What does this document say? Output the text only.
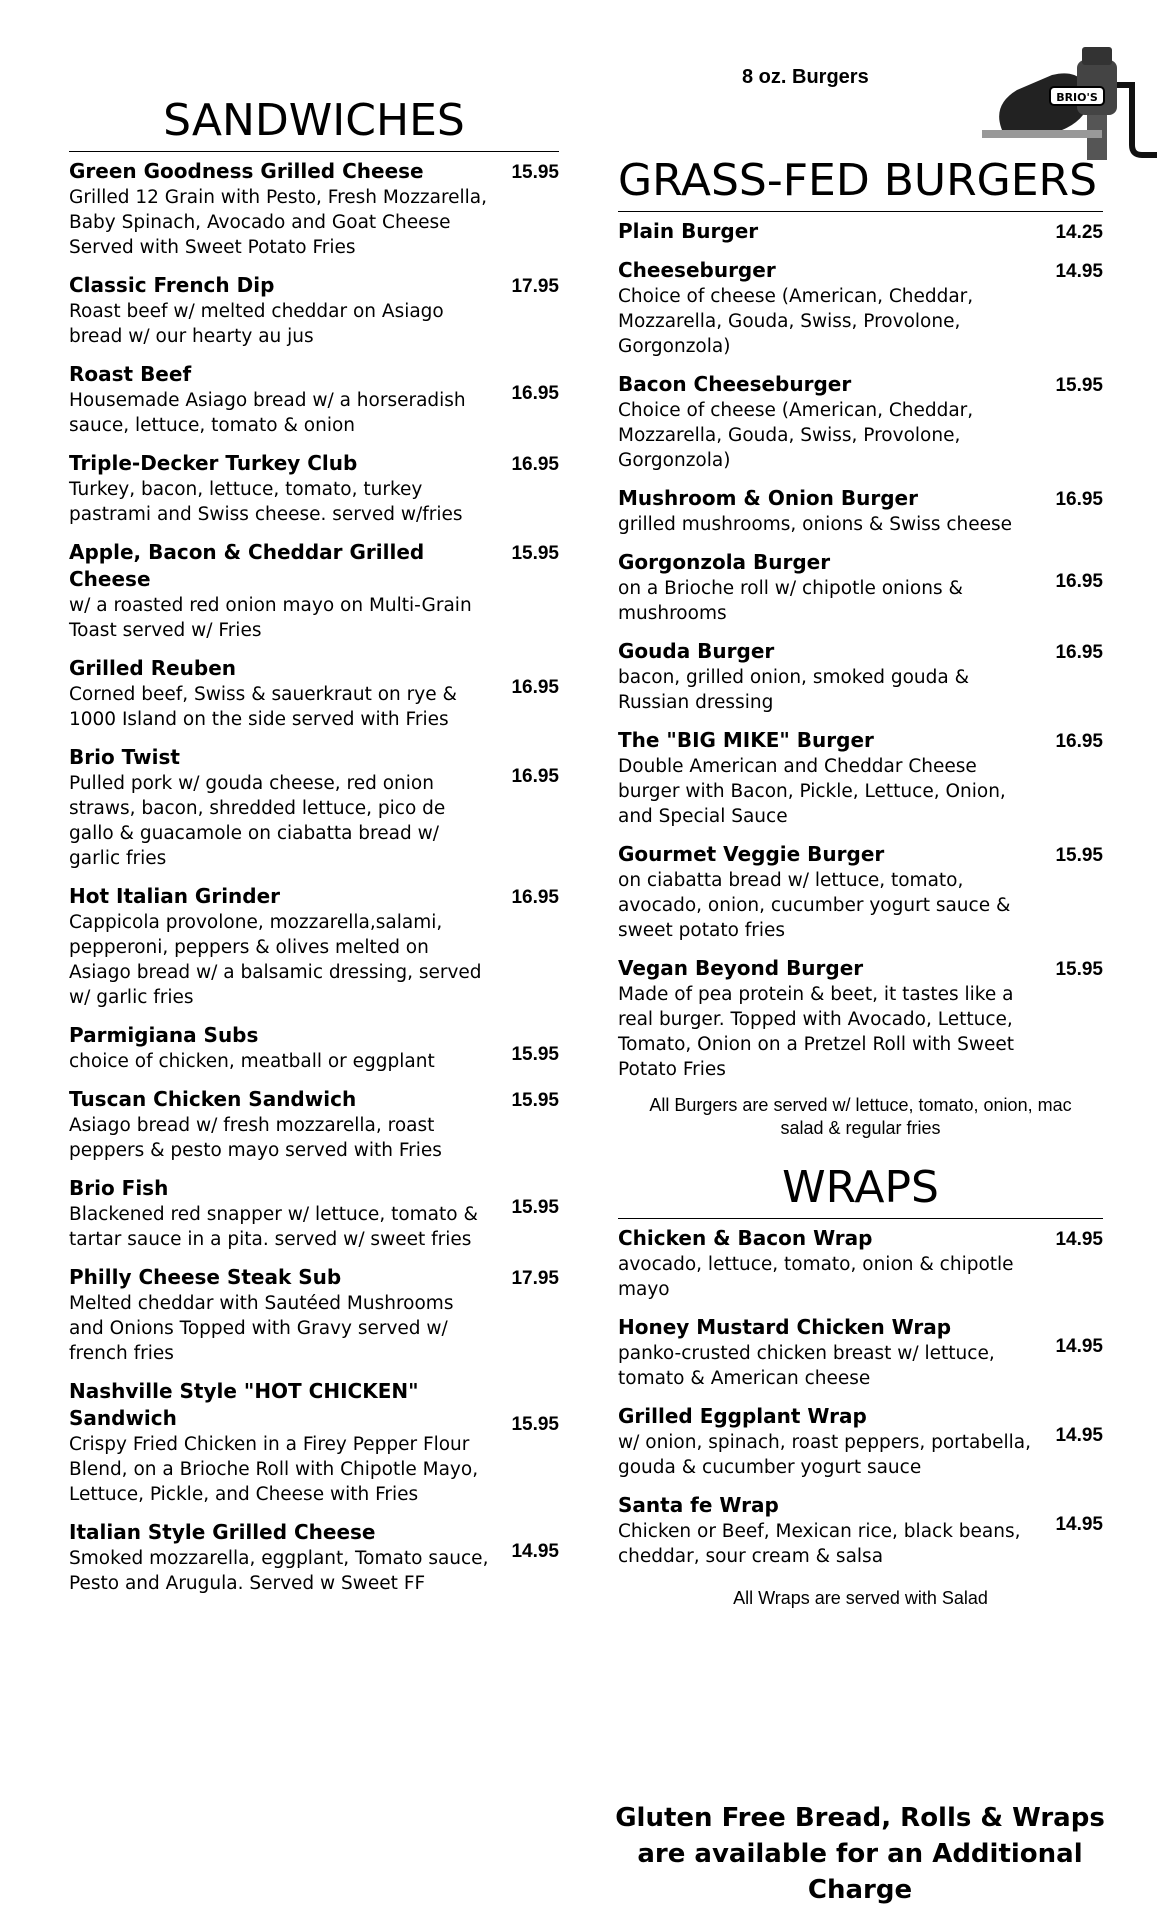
BRIO'S
8 oz. Burgers
SANDWICHES
Green Goodness Grilled Cheese
Grilled 12 Grain with Pesto, Fresh Mozzarella, Baby Spinach, Avocado and Goat Cheese Served with Sweet Potato Fries
15.95
Classic French Dip
Roast beef w/ melted cheddar on Asiago bread w/ our hearty au jus
17.95
Roast Beef
Housemade Asiago bread w/ a horseradish sauce, lettuce, tomato & onion
16.95
Triple-Decker Turkey Club
Turkey, bacon, lettuce, tomato, turkey pastrami and Swiss cheese. served w/fries
16.95
Apple, Bacon & Cheddar Grilled Cheese
w/ a roasted red onion mayo on Multi-Grain Toast served w/ Fries
15.95
Grilled Reuben
Corned beef, Swiss & sauerkraut on rye & 1000 Island on the side served with Fries
16.95
Brio Twist
Pulled pork w/ gouda cheese, red onion straws, bacon, shredded lettuce, pico de gallo & guacamole on ciabatta bread w/ garlic fries
16.95
Hot Italian Grinder
Cappicola provolone, mozzarella,salami, pepperoni, peppers & olives melted on Asiago bread w/ a balsamic dressing, served w/ garlic fries
16.95
Parmigiana Subs
choice of chicken, meatball or eggplant	15.95
Tuscan Chicken Sandwich
Asiago bread w/ fresh mozzarella, roast peppers & pesto mayo served with Fries
15.95
Brio Fish
Blackened red snapper w/ lettuce, tomato & tartar sauce in a pita. served w/ sweet fries
15.95
Philly Cheese Steak Sub
Melted cheddar with Sautéed Mushrooms and Onions Topped with Gravy served w/ french fries
17.95
Nashville Style "HOT CHICKEN" Sandwich
Crispy Fried Chicken in a Firey Pepper Flour Blend, on a Brioche Roll with Chipotle Mayo, Lettuce, Pickle, and Cheese with Fries
15.95
Italian Style Grilled Cheese
Smoked mozzarella, eggplant, Tomato sauce, Pesto and Arugula. Served w Sweet FF
14.95
GRASS-FED BURGERS
Plain Burger	14.25
Cheeseburger
Choice of cheese (American, Cheddar, Mozzarella, Gouda, Swiss, Provolone, Gorgonzola)
14.95
Bacon Cheeseburger
Choice of cheese (American, Cheddar, Mozzarella, Gouda, Swiss, Provolone, Gorgonzola)
15.95
Mushroom & Onion Burger
grilled mushrooms, onions & Swiss cheese
16.95
Gorgonzola Burger
on a Brioche roll w/ chipotle onions & mushrooms
16.95
Gouda Burger
bacon, grilled onion, smoked gouda & Russian dressing
16.95
The "BIG MIKE" Burger
Double American and Cheddar Cheese burger with Bacon, Pickle, Lettuce, Onion, and Special Sauce
16.95
Gourmet Veggie Burger
on ciabatta bread w/ lettuce, tomato, avocado, onion, cucumber yogurt sauce & sweet potato fries
15.95
Vegan Beyond Burger
Made of pea protein & beet, it tastes like a real burger. Topped with Avocado, Lettuce, Tomato, Onion on a Pretzel Roll with Sweet Potato Fries
15.95

All Burgers are served w/ lettuce, tomato, onion, mac salad & regular fries

WRAPS
Chicken & Bacon Wrap
avocado, lettuce, tomato, onion & chipotle mayo
14.95
Honey Mustard Chicken Wrap
panko-crusted chicken breast w/ lettuce, tomato & American cheese
14.95
Grilled Eggplant Wrap
w/ onion, spinach, roast peppers, portabella, gouda & cucumber yogurt sauce
14.95
Santa fe Wrap
Chicken or Beef, Mexican rice, black beans, cheddar, sour cream & salsa
14.95

All Wraps are served with Salad

Gluten Free Bread, Rolls & Wraps
are available for an Additional Charge
